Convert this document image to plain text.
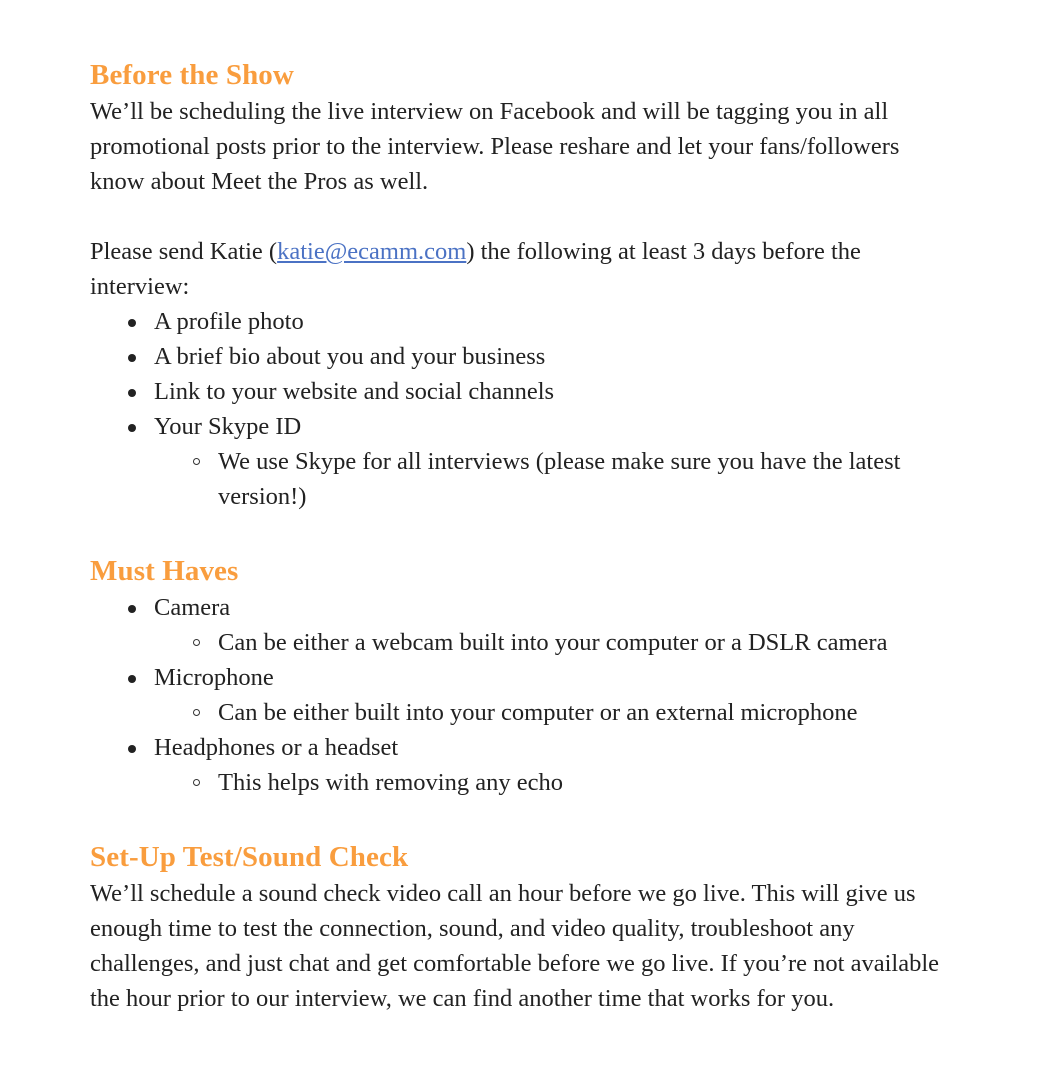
Before the Show

We’ll be scheduling the live interview on Facebook and will be tagging you in all promotional posts prior to the interview. Please reshare and let your fans/followers know about Meet the Pros as well.

Please send Katie (katie@ecamm.com) the following at least 3 days before the interview:

A profile photo
A brief bio about you and your business
Link to your website and social channels
Your Skype ID
We use Skype for all interviews (please make sure you have the latest version!)
Must Haves
Camera
Can be either a webcam built into your computer or a DSLR camera
Microphone
Can be either built into your computer or an external microphone
Headphones or a headset
This helps with removing any echo
Set-Up Test/Sound Check

We’ll schedule a sound check video call an hour before we go live. This will give us enough time to test the connection, sound, and video quality, troubleshoot any challenges, and just chat and get comfortable before we go live. If you’re not available the hour prior to our interview, we can find another time that works for you.
